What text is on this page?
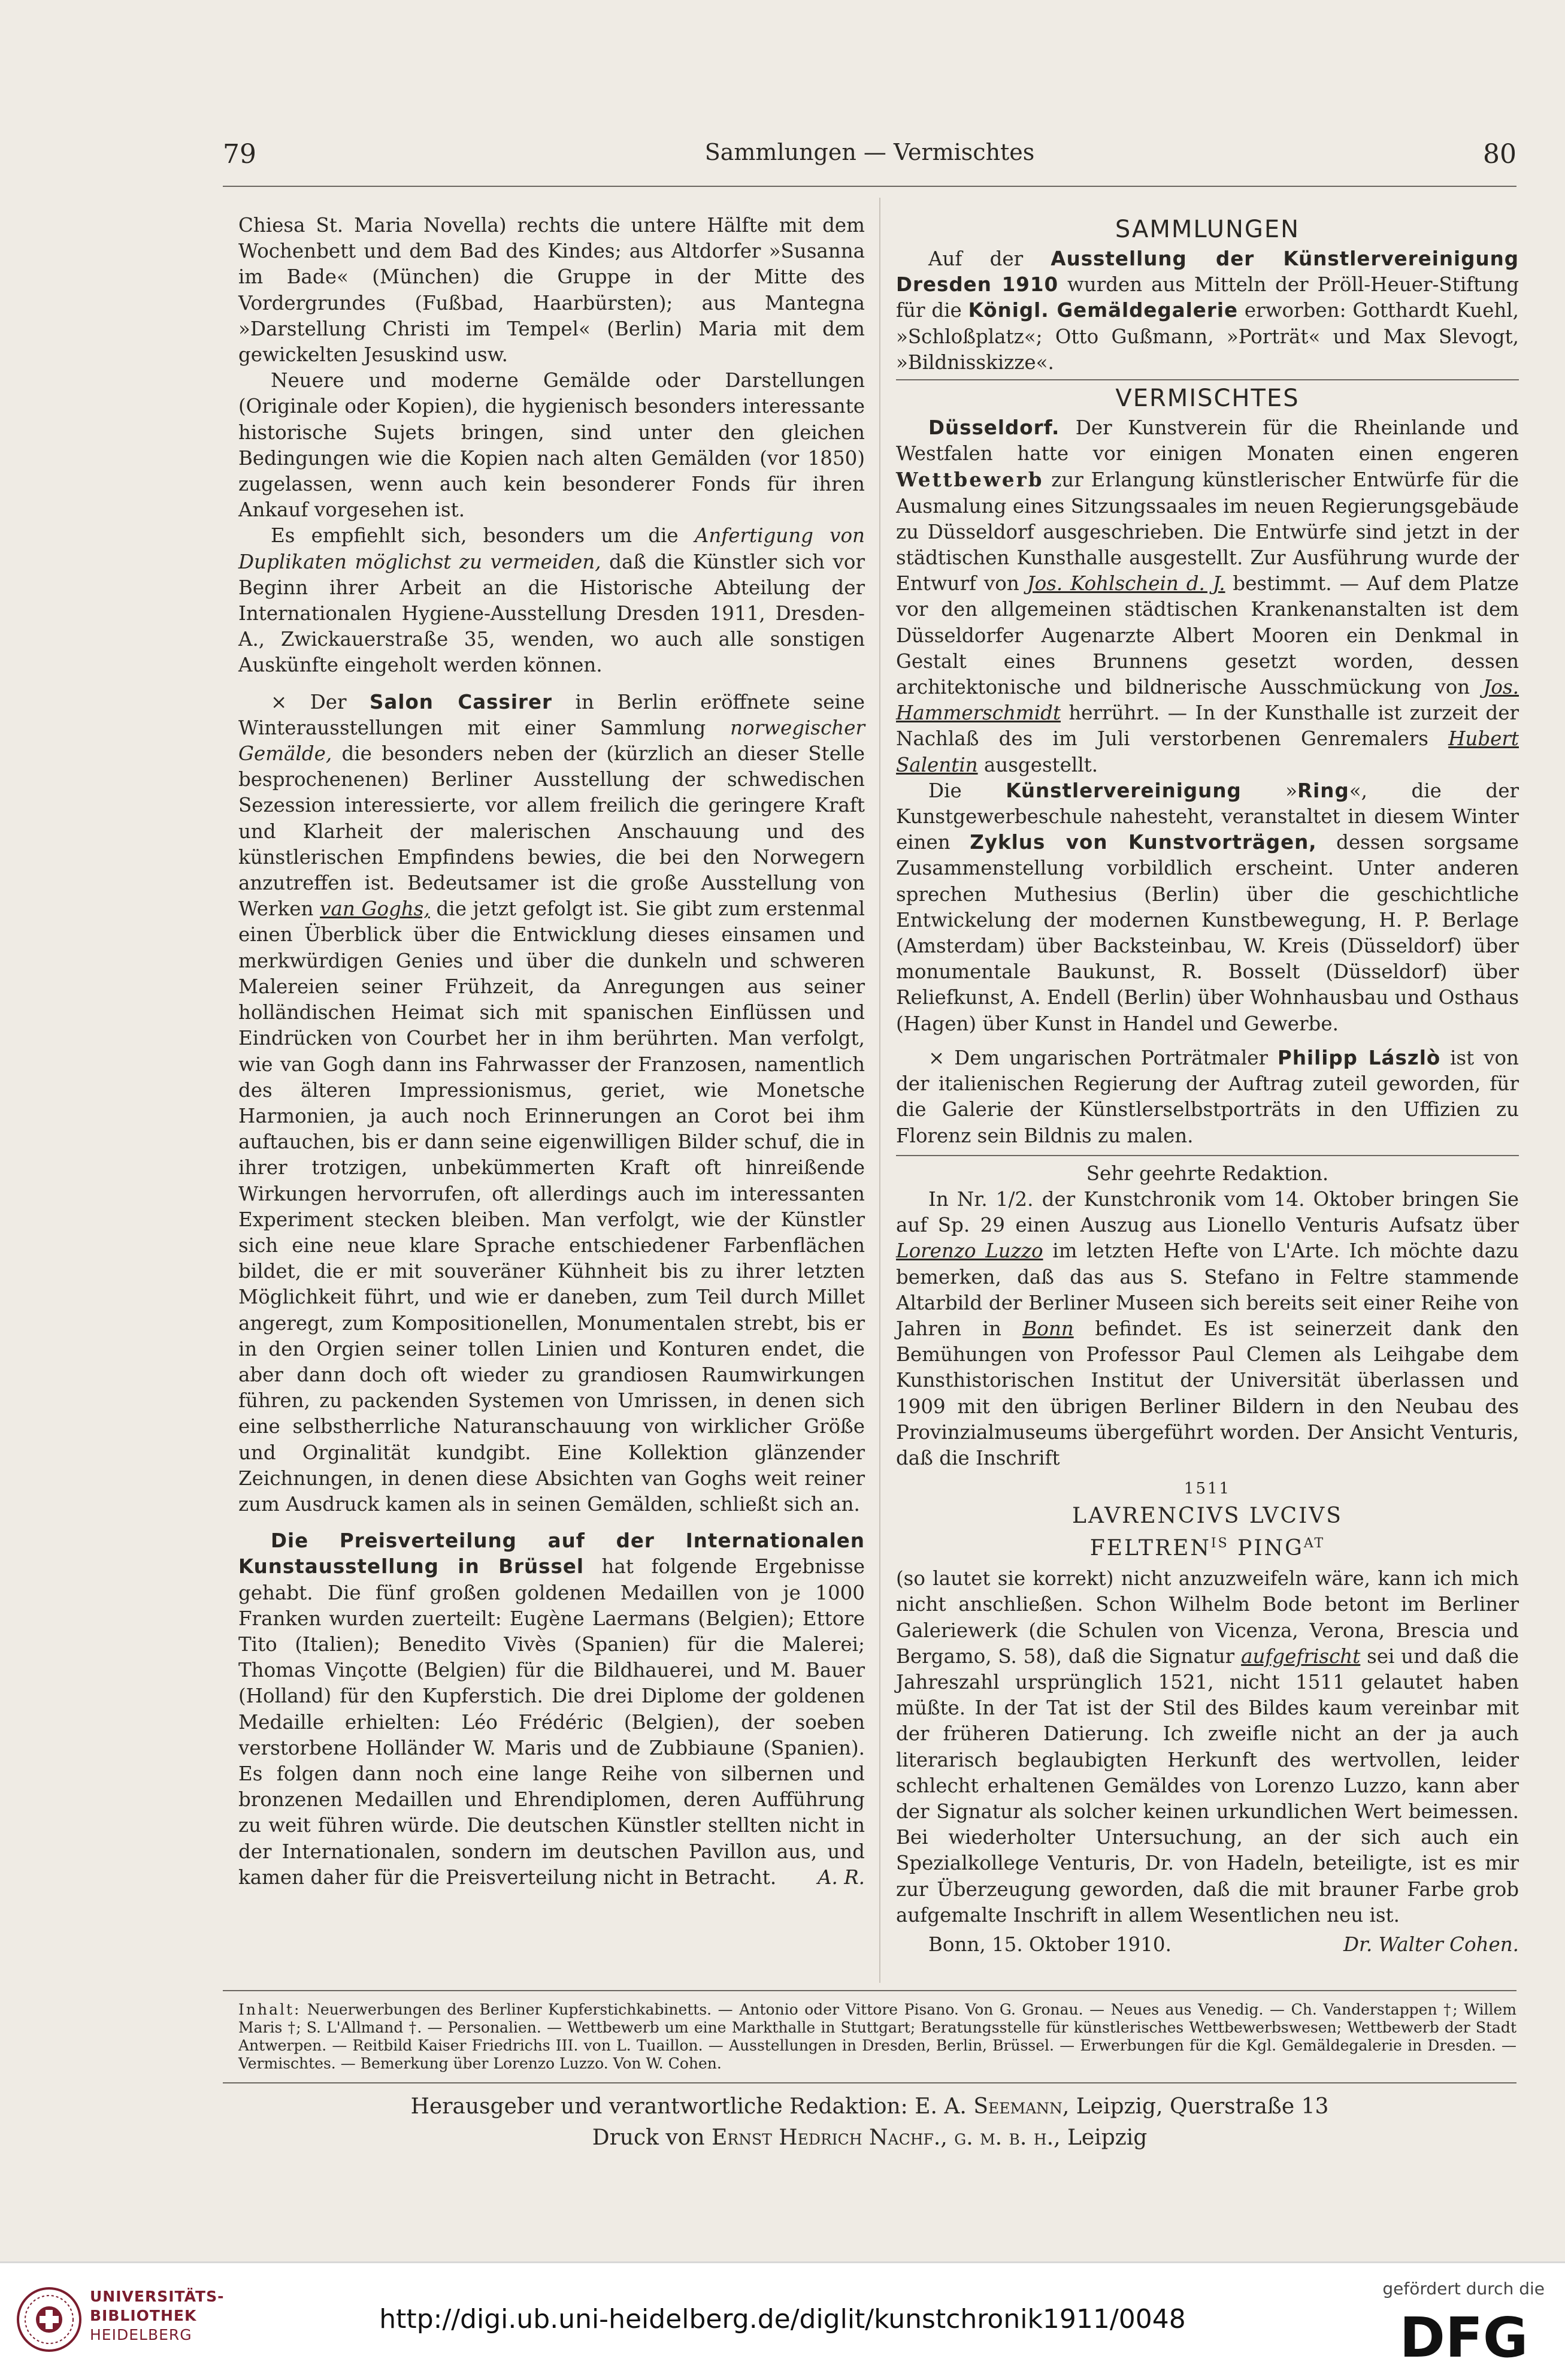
79	Sammlungen — Vermischtes	80

Chiesa St. Maria Novella) rechts die untere Hälfte mit dem Wochenbett und dem Bad des Kindes; aus Altdorfer »Susanna im Bade« (München) die Gruppe in der Mitte des Vordergrundes (Fußbad, Haarbürsten); aus Mantegna »Darstellung Christi im Tempel« (Berlin) Maria mit dem gewickelten Jesuskind usw.

Neuere und moderne Gemälde oder Darstellungen (Originale oder Kopien), die hygienisch besonders interessante historische Sujets bringen, sind unter den gleichen Bedingungen wie die Kopien nach alten Gemälden (vor 1850) zugelassen, wenn auch kein besonderer Fonds für ihren Ankauf vorgesehen ist.

Es empfiehlt sich, besonders um die Anfertigung von Duplikaten möglichst zu vermeiden, daß die Künstler sich vor Beginn ihrer Arbeit an die Historische Abteilung der Internationalen Hygiene-Ausstellung Dresden 1911, Dresden-A., Zwickauerstraße 35, wenden, wo auch alle sonstigen Auskünfte eingeholt werden können.

× Der Salon Cassirer in Berlin eröffnete seine Winterausstellungen mit einer Sammlung norwegischer Gemälde, die besonders neben der (kürzlich an dieser Stelle besprochenenen) Berliner Ausstellung der schwedischen Sezession interessierte, vor allem freilich die geringere Kraft und Klarheit der malerischen Anschauung und des künstlerischen Empfindens bewies, die bei den Norwegern anzutreffen ist. Bedeutsamer ist die große Ausstellung von Werken van Goghs, die jetzt gefolgt ist. Sie gibt zum erstenmal einen Überblick über die Entwicklung dieses einsamen und merkwürdigen Genies und über die dunkeln und schweren Malereien seiner Frühzeit, da Anregungen aus seiner holländischen Heimat sich mit spanischen Einflüssen und Eindrücken von Courbet her in ihm berührten. Man verfolgt, wie van Gogh dann ins Fahrwasser der Franzosen, namentlich des älteren Impressionismus, geriet, wie Monetsche Harmonien, ja auch noch Erinnerungen an Corot bei ihm auftauchen, bis er dann seine eigenwilligen Bilder schuf, die in ihrer trotzigen, unbekümmerten Kraft oft hinreißende Wirkungen hervorrufen, oft allerdings auch im interessanten Experiment stecken bleiben. Man verfolgt, wie der Künstler sich eine neue klare Sprache entschiedener Farbenflächen bildet, die er mit souveräner Kühnheit bis zu ihrer letzten Möglichkeit führt, und wie er daneben, zum Teil durch Millet angeregt, zum Kompositionellen, Monumentalen strebt, bis er in den Orgien seiner tollen Linien und Konturen endet, die aber dann doch oft wieder zu grandiosen Raumwirkungen führen, zu packenden Systemen von Umrissen, in denen sich eine selbstherrliche Naturanschauung von wirklicher Größe und Orginalität kundgibt. Eine Kollektion glänzender Zeichnungen, in denen diese Absichten van Goghs weit reiner zum Ausdruck kamen als in seinen Gemälden, schließt sich an.

Die Preisverteilung auf der Internationalen Kunstausstellung in Brüssel hat folgende Ergebnisse gehabt. Die fünf großen goldenen Medaillen von je 1000 Franken wurden zuerteilt: Eugène Laermans (Belgien); Ettore Tito (Italien); Benedito Vivès (Spanien) für die Malerei; Thomas Vinçotte (Belgien) für die Bildhauerei, und M. Bauer (Holland) für den Kupferstich. Die drei Diplome der goldenen Medaille erhielten: Léo Frédéric (Belgien), der soeben verstorbene Holländer W. Maris und de Zubbiaune (Spanien). Es folgen dann noch eine lange Reihe von silbernen und bronzenen Medaillen und Ehrendiplomen, deren Aufführung zu weit führen würde. Die deutschen Künstler stellten nicht in der Internationalen, sondern im deutschen Pavillon aus, und kamen daher für die Preisverteilung nicht in Betracht.	A. R.
SAMMLUNGEN

Auf der Ausstellung der Künstlervereinigung Dresden 1910 wurden aus Mitteln der Pröll-Heuer-Stiftung für die Königl. Gemäldegalerie erworben: Gotthardt Kuehl, »Schloßplatz«; Otto Gußmann, »Porträt« und Max Slevogt, »Bildnisskizze«.

VERMISCHTES

Düsseldorf. Der Kunstverein für die Rheinlande und Westfalen hatte vor einigen Monaten einen engeren Wettbewerb zur Erlangung künstlerischer Entwürfe für die Ausmalung eines Sitzungssaales im neuen Regierungsgebäude zu Düsseldorf ausgeschrieben. Die Entwürfe sind jetzt in der städtischen Kunsthalle ausgestellt. Zur Ausführung wurde der Entwurf von Jos. Kohlschein d. J. bestimmt. — Auf dem Platze vor den allgemeinen städtischen Krankenanstalten ist dem Düsseldorfer Augenarzte Albert Mooren ein Denkmal in Gestalt eines Brunnens gesetzt worden, dessen architektonische und bildnerische Ausschmückung von Jos. Hammerschmidt herrührt. — In der Kunsthalle ist zurzeit der Nachlaß des im Juli verstorbenen Genremalers Hubert Salentin ausgestellt.

Die Künstlervereinigung »Ring«, die der Kunstgewerbeschule nahesteht, veranstaltet in diesem Winter einen Zyklus von Kunstvorträgen, dessen sorgsame Zusammenstellung vorbildlich erscheint. Unter anderen sprechen Muthesius (Berlin) über die geschichtliche Entwickelung der modernen Kunstbewegung, H. P. Berlage (Amsterdam) über Backsteinbau, W. Kreis (Düsseldorf) über monumentale Baukunst, R. Bosselt (Düsseldorf) über Reliefkunst, A. Endell (Berlin) über Wohnhausbau und Osthaus (Hagen) über Kunst in Handel und Gewerbe.

× Dem ungarischen Porträtmaler Philipp Lászlò ist von der italienischen Regierung der Auftrag zuteil geworden, für die Galerie der Künstlerselbstporträts in den Uffizien zu Florenz sein Bildnis zu malen.

Sehr geehrte Redaktion.

In Nr. 1/2. der Kunstchronik vom 14. Oktober bringen Sie auf Sp. 29 einen Auszug aus Lionello Venturis Aufsatz über Lorenzo Luzzo im letzten Hefte von L'Arte. Ich möchte dazu bemerken, daß das aus S. Stefano in Feltre stammende Altarbild der Berliner Museen sich bereits seit einer Reihe von Jahren in Bonn befindet. Es ist seinerzeit dank den Bemühungen von Professor Paul Clemen als Leihgabe dem Kunsthistorischen Institut der Universität überlassen und 1909 mit den übrigen Berliner Bildern in den Neubau des Provinzialmuseums übergeführt worden. Der Ansicht Venturis, daß die Inschrift

1511
LAVRENCIVS LVCIVS
$FELTREN^{IS}$ $PING^{AT}$

(so lautet sie korrekt) nicht anzuzweifeln wäre, kann ich mich nicht anschließen. Schon Wilhelm Bode betont im Berliner Galeriewerk (die Schulen von Vicenza, Verona, Brescia und Bergamo, S. 58), daß die Signatur aufgefrischt sei und daß die Jahreszahl ursprünglich 1521, nicht 1511 gelautet haben müßte. In der Tat ist der Stil des Bildes kaum vereinbar mit der früheren Datierung. Ich zweifle nicht an der ja auch literarisch beglaubigten Herkunft des wertvollen, leider schlecht erhaltenen Gemäldes von Lorenzo Luzzo, kann aber der Signatur als solcher keinen urkundlichen Wert beimessen. Bei wiederholter Untersuchung, an der sich auch ein Spezialkollege Venturis, Dr. von Hadeln, beteiligte, ist es mir zur Überzeugung geworden, daß die mit brauner Farbe grob aufgemalte Inschrift in allem Wesentlichen neu ist.

Bonn, 15. Oktober 1910.	Dr. Walter Cohen.
Inhalt: Neuerwerbungen des Berliner Kupferstichkabinetts. — Antonio oder Vittore Pisano. Von G. Gronau. — Neues aus Venedig. — Ch. Vanderstappen †; Willem Maris †; S. L'Allmand †. — Personalien. — Wettbewerb um eine Markthalle in Stuttgart; Beratungsstelle für künstlerisches Wettbewerbswesen; Wettbewerb der Stadt Antwerpen. — Reitbild Kaiser Friedrichs III. von L. Tuaillon. — Ausstellungen in Dresden, Berlin, Brüssel. — Erwerbungen für die Kgl. Gemäldegalerie in Dresden. — Vermischtes. — Bemerkung über Lorenzo Luzzo. Von W. Cohen.
Herausgeber und verantwortliche Redaktion: E. A. Seemann, Leipzig, Querstraße 13
Druck von Ernst Hedrich Nachf., g. m. b. h., Leipzig
UNIVERSITÄTS-
BIBLIOTHEK
HEIDELBERG
http://digi.ub.uni-heidelberg.de/diglit/kunstchronik1911/0048
gefördert durch die
DFG
